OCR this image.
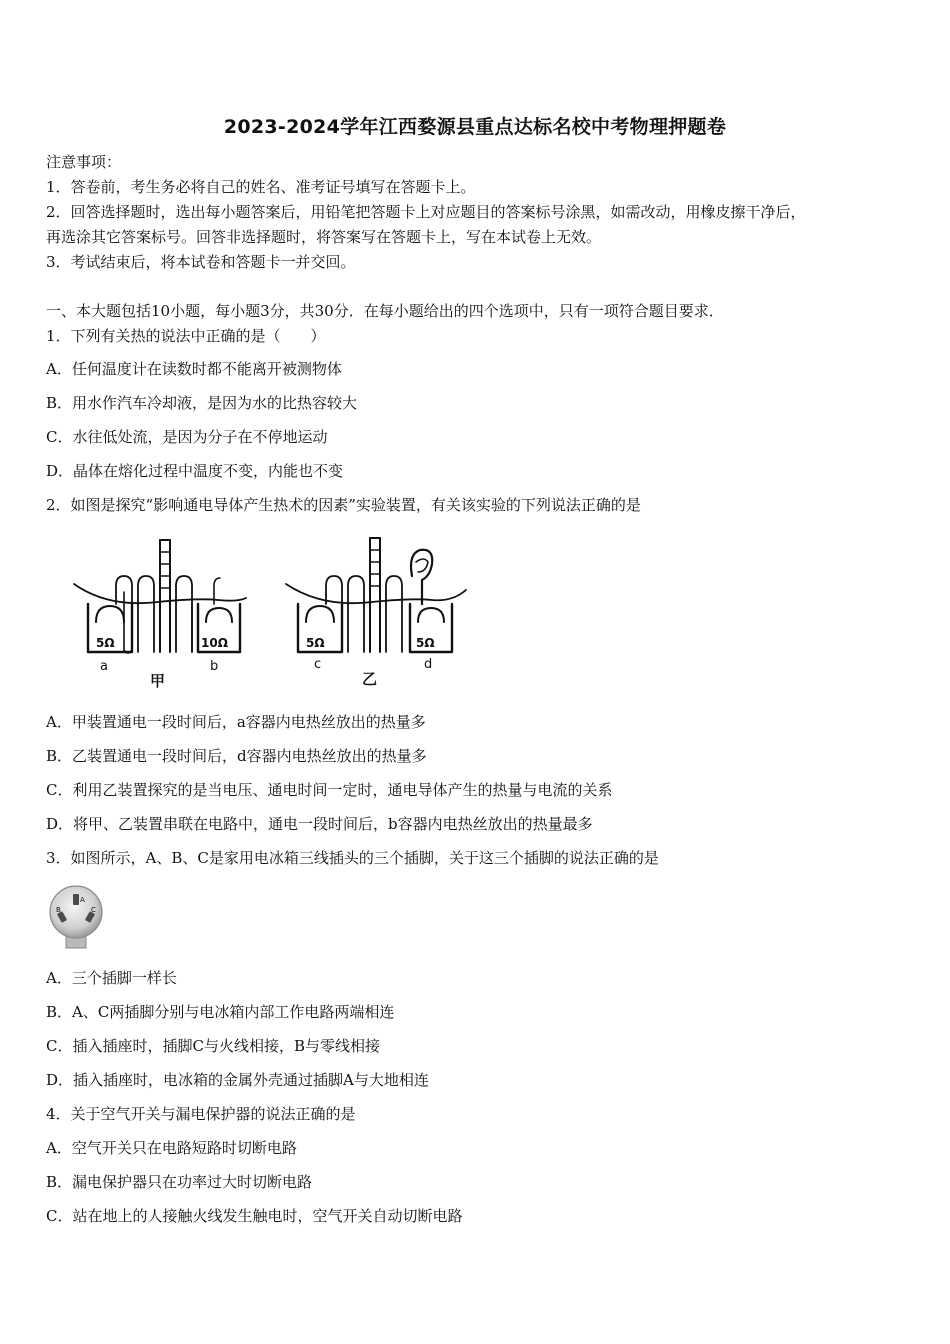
2023-2024学年江西婺源县重点达标名校中考物理押题卷
注意事项：
1．答卷前，考生务必将自己的姓名、准考证号填写在答题卡上。
2．回答选择题时，选出每小题答案后，用铅笔把答题卡上对应题目的答案标号涂黑，如需改动，用橡皮擦干净后，
再选涂其它答案标号。回答非选择题时，将答案写在答题卡上，写在本试卷上无效。
3．考试结束后，将本试卷和答题卡一并交回。
一、本大题包括10小题，每小题3分，共30分．在每小题给出的四个选项中，只有一项符合题目要求．
1．下列有关热的说法中正确的是（　　）
A．任何温度计在读数时都不能离开被测物体
B．用水作汽车冷却液，是因为水的比热容较大
C．水往低处流，是因为分子在不停地运动
D．晶体在熔化过程中温度不变，内能也不变
2．如图是探究“影响通电导体产生热术的因素”实验装置，有关该实验的下列说法正确的是
5Ω	10Ω
a	b
甲
5Ω	5Ω
c	d
乙
A．甲装置通电一段时间后，a容器内电热丝放出的热量多
B．乙装置通电一段时间后，d容器内电热丝放出的热量多
C．利用乙装置探究的是当电压、通电时间一定时，通电导体产生的热量与电流的关系
D．将甲、乙装置串联在电路中，通电一段时间后，b容器内电热丝放出的热量最多
3．如图所示，A、B、C是家用电冰箱三线插头的三个插脚，关于这三个插脚的说法正确的是
A
B	C
A．三个插脚一样长
B．A、C两插脚分别与电冰箱内部工作电路两端相连
C．插入插座时，插脚C与火线相接，B与零线相接
D．插入插座时，电冰箱的金属外壳通过插脚A与大地相连
4．关于空气开关与漏电保护器的说法正确的是
A．空气开关只在电路短路时切断电路
B．漏电保护器只在功率过大时切断电路
C．站在地上的人接触火线发生触电时，空气开关自动切断电路
